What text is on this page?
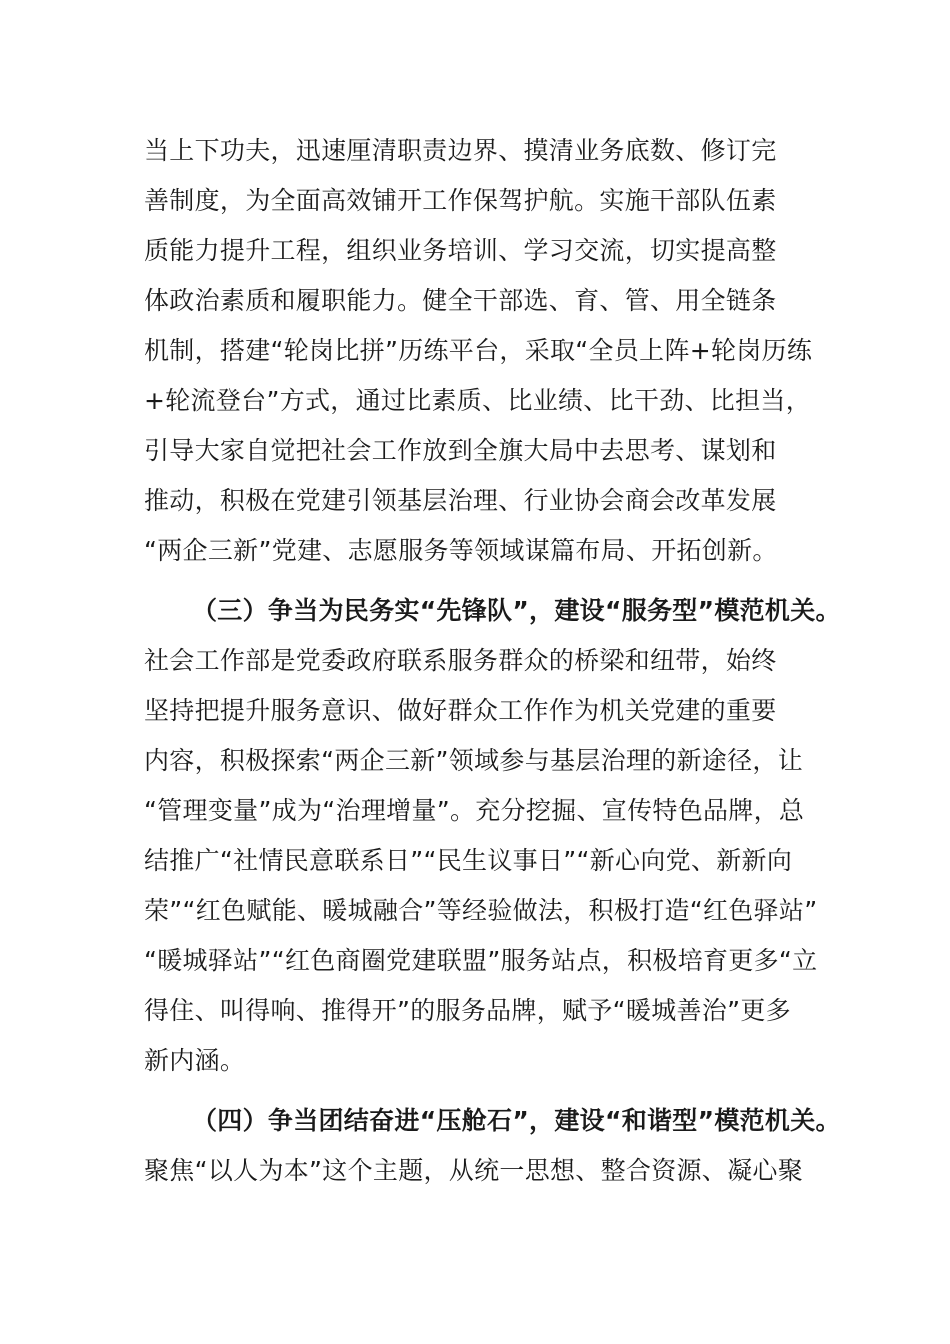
当上下功夫，迅速厘清职责边界、摸清业务底数、修订完
善制度，为全面高效铺开工作保驾护航。实施干部队伍素
质能力提升工程，组织业务培训、学习交流，切实提高整
体政治素质和履职能力。健全干部选、育、管、用全链条
机制，搭建“轮岗比拼”历练平台，采取“全员上阵+轮岗历练
+轮流登台”方式，通过比素质、比业绩、比干劲、比担当，
引导大家自觉把社会工作放到全旗大局中去思考、谋划和
推动，积极在党建引领基层治理、行业协会商会改革发展
“两企三新”党建、志愿服务等领域谋篇布局、开拓创新。
（三）争当为民务实“先锋队”，建设“服务型”模范机关。
社会工作部是党委政府联系服务群众的桥梁和纽带，始终
坚持把提升服务意识、做好群众工作作为机关党建的重要
内容，积极探索“两企三新”领域参与基层治理的新途径，让
“管理变量”成为“治理增量”。充分挖掘、宣传特色品牌，总
结推广“社情民意联系日”“民生议事日”“新心向党、新新向
荣”“红色赋能、暖城融合”等经验做法，积极打造“红色驿站”
“暖城驿站”“红色商圈党建联盟”服务站点，积极培育更多“立
得住、叫得响、推得开”的服务品牌，赋予“暖城善治”更多
新内涵。
（四）争当团结奋进“压舱石”，建设“和谐型”模范机关。
聚焦“以人为本”这个主题，从统一思想、整合资源、凝心聚
